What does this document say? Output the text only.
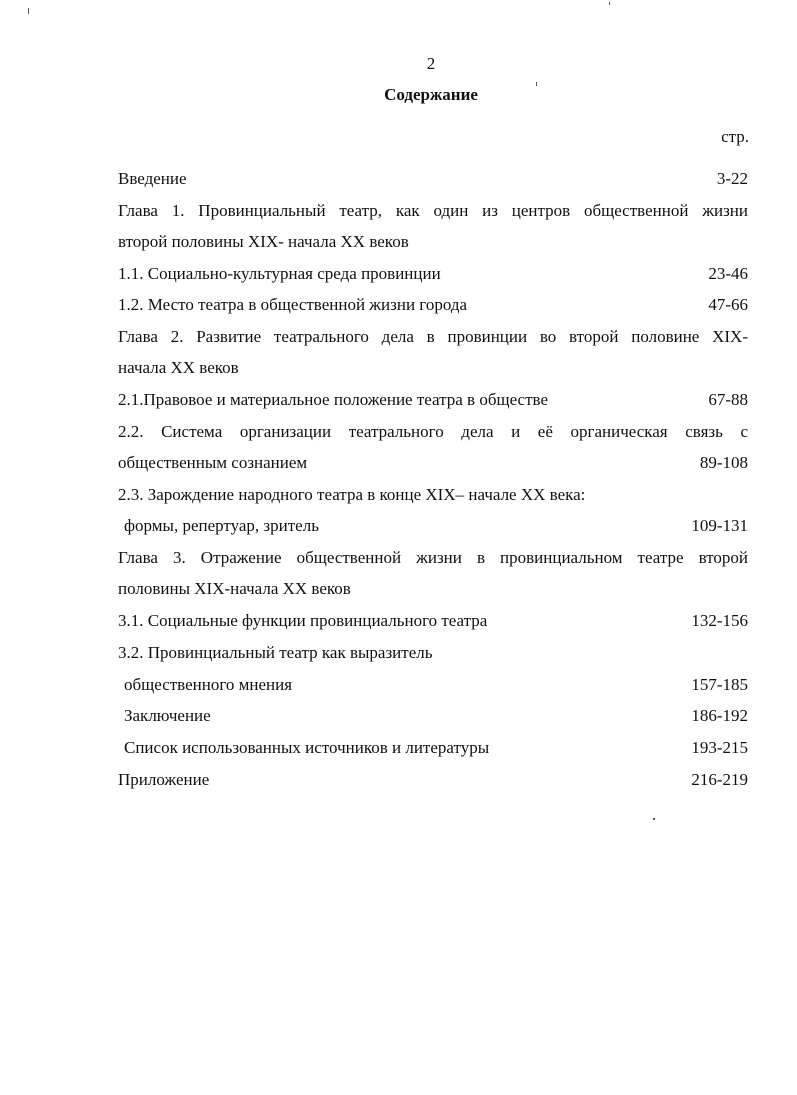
2
Содержание
стр.
Введение	3-22
Глава 1. Провинциальный театр, как один из центров общественной жизни
второй половины XIX- начала XX веков
1.1. Социально-культурная среда провинции	23-46
1.2. Место театра в общественной жизни города	47-66
Глава 2. Развитие театрального дела в провинции во второй половине XIX-
начала XX веков
2.1.Правовое и материальное положение театра в обществе	67-88
2.2. Система организации театрального дела и её органическая связь с
общественным сознанием	89-108
2.3. Зарождение народного театра в конце XIX– начале XX века:
формы, репертуар, зритель	109-131
Глава 3. Отражение общественной жизни в провинциальном театре второй
половины XIX-начала XX веков
3.1. Социальные функции провинциального театра	132-156
3.2. Провинциальный театр как выразитель
общественного мнения	157-185
Заключение	186-192
Список использованных источников и литературы	193-215
Приложение	216-219
